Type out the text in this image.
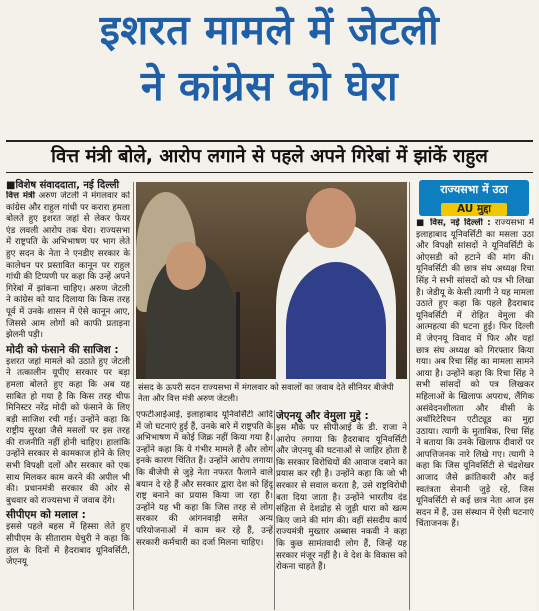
इशरत मामले में जेटली
ने कांग्रेस को घेरा
वित्त मंत्री बोले, आरोप लगाने से पहले अपने गिरेबां में झांकें राहुल
■विशेष संवाददाता, नई दिल्ली

वित्त मंत्री अरुण जेटली ने मंगलवार को कांग्रेस और राहुल गांधी पर करारा हमला बोलते हुए इशरत जहां से लेकर फेयर एंड लवली आरोप तक घेरा। राज्यसभा में राष्ट्रपति के अभिभाषण पर भाग लेते हुए सदन के नेता ने एनडीए सरकार के कालेधन पर प्रस्तावित कानून पर राहुल गांधी की टिप्पणी पर कहा कि उन्हें अपने गिरेबां में झांकना चाहिए। अरुण जेटली ने कांग्रेस को याद दिलाया कि किस तरह पूर्व में उनके शासन में ऐसे कानून आए, जिससे आम लोगों को काफी प्रताड़ना झेलनी पड़ी।

मोदी को फंसाने की साजिश :

इशरत जहां मामले को उठाते हुए जेटली ने तत्कालीन यूपीए सरकार पर बड़ा हमला बोलते हुए कहा कि अब यह साबित हो गया है कि किस तरह चीफ मिनिस्टर नरेंद्र मोदी को फंसाने के लिए बड़ी साजिश रची गई। उन्होंने कहा कि राष्ट्रीय सुरक्षा जैसे मसलों पर इस तरह की राजनीति नहीं होनी चाहिए। हालांकि उन्होंने सरकार से कामकाज होने के लिए सभी विपक्षी दलों और सरकार को एक साथ मिलकर काम करने की अपील भी की। प्रधानमंत्री सरकार की ओर से बुधवार को राज्यसभा में जवाब देंगे।

सीपीएम को मलाल :

इससे पहले बहस में हिस्सा लेते हुए सीपीएम के सीताराम येचुरी ने कहा कि हाल के दिनों में हैदराबाद यूनिवर्सिटी, जेएनयू

संसद के ऊपरी सदन राज्यसभा में मंगलवार को सवालों का जवाब देते सीनियर बीजेपी नेता और वित्त मंत्री अरुण जेटली।

एफटीआईआई, इलाहाबाद यूनिवर्सिटी आदि में जो घटनाएं हुई हैं, उनके बारे में राष्ट्रपति के अभिभाषण में कोई जिक्र नहीं किया गया है। उन्होंने कहा कि ये गंभीर मामले हैं और लोग इनके कारण चिंतित हैं। उन्होंने आरोप लगाया कि बीजेपी से जुड़े नेता नफरत फैलाने वाले बयान दे रहे हैं और सरकार द्वारा देश को हिंदू राष्ट्र बनाने का प्रयास किया जा रहा है। उन्होंने यह भी कहा कि जिस तरह से लोग सरकार की आंगनवाड़ी समेत अन्य परियोजनाओं में काम कर रहे हैं, उन्हें सरकारी कर्मचारी का दर्जा मिलना चाहिए।

जेएनयू और वेमुला मुद्दे :

इस मौके पर सीपीआई के डी. राजा ने आरोप लगाया कि हैदराबाद यूनिवर्सिटी और जेएनयू की घटनाओं से जाहिर होता है कि सरकार विरोधियों की आवाज दबाने का प्रयास कर रही है। उन्होंने कहा कि जो भी सरकार से सवाल करता है, उसे राष्ट्रविरोधी बता दिया जाता है। उन्होंने भारतीय दंड संहिता से देशद्रोह से जुड़ी धारा को खत्म किए जाने की मांग की। वहीं संसदीय कार्य राज्यमंत्री मुख्तार अब्बास नकवी ने कहा कि कुछ सामंतवादी लोग हैं, जिन्हें यह सरकार मंजूर नहीं है। वे देश के विकास को रोकना चाहते हैं।

राज्यसभा में उठा
AU मुद्दा

■ विस, नई दिल्ली : राज्यसभा में इलाहाबाद यूनिवर्सिटी का मसला उठा और विपक्षी सांसदों ने यूनिवर्सिटी के ओएसडी को हटाने की मांग की। यूनिवर्सिटी की छात्र संघ अध्यक्ष रिचा सिंह ने सभी सांसदों को पत्र भी लिखा है। जेडीयू के केसी त्यागी ने यह मामला उठाते हुए कहा कि पहले हैदराबाद यूनिवर्सिटी में रोहित वेमुला की आत्महत्या की घटना हुई। फिर दिल्ली में जेएनयू विवाद में फिर और यहां छात्र संघ अध्यक्ष को गिरफ्तार किया गया। अब रिचा सिंह का मामला सामने आया है। उन्होंने कहा कि रिचा सिंह ने सभी सांसदों को पत्र लिखकर महिलाओं के खिलाफ अपराध, लैंगिक असंवेदनशीलता और वीसी के अथॉरिटेरियन एटीट्यूड का मुद्दा उठाया। त्यागी के मुताबिक, रिचा सिंह ने बताया कि उनके खिलाफ दीवारों पर आपत्तिजनक नारे लिखे गए। त्यागी ने कहा कि जिस यूनिवर्सिटी से चंद्रशेखर आजाद जैसे क्रांतिकारी और कई स्वतंत्रता सेनानी जुड़े रहे, जिस यूनिवर्सिटी से कई छात्र नेता आज इस सदन में हैं, उस संस्थान में ऐसी घटनाएं चिंताजनक हैं।
